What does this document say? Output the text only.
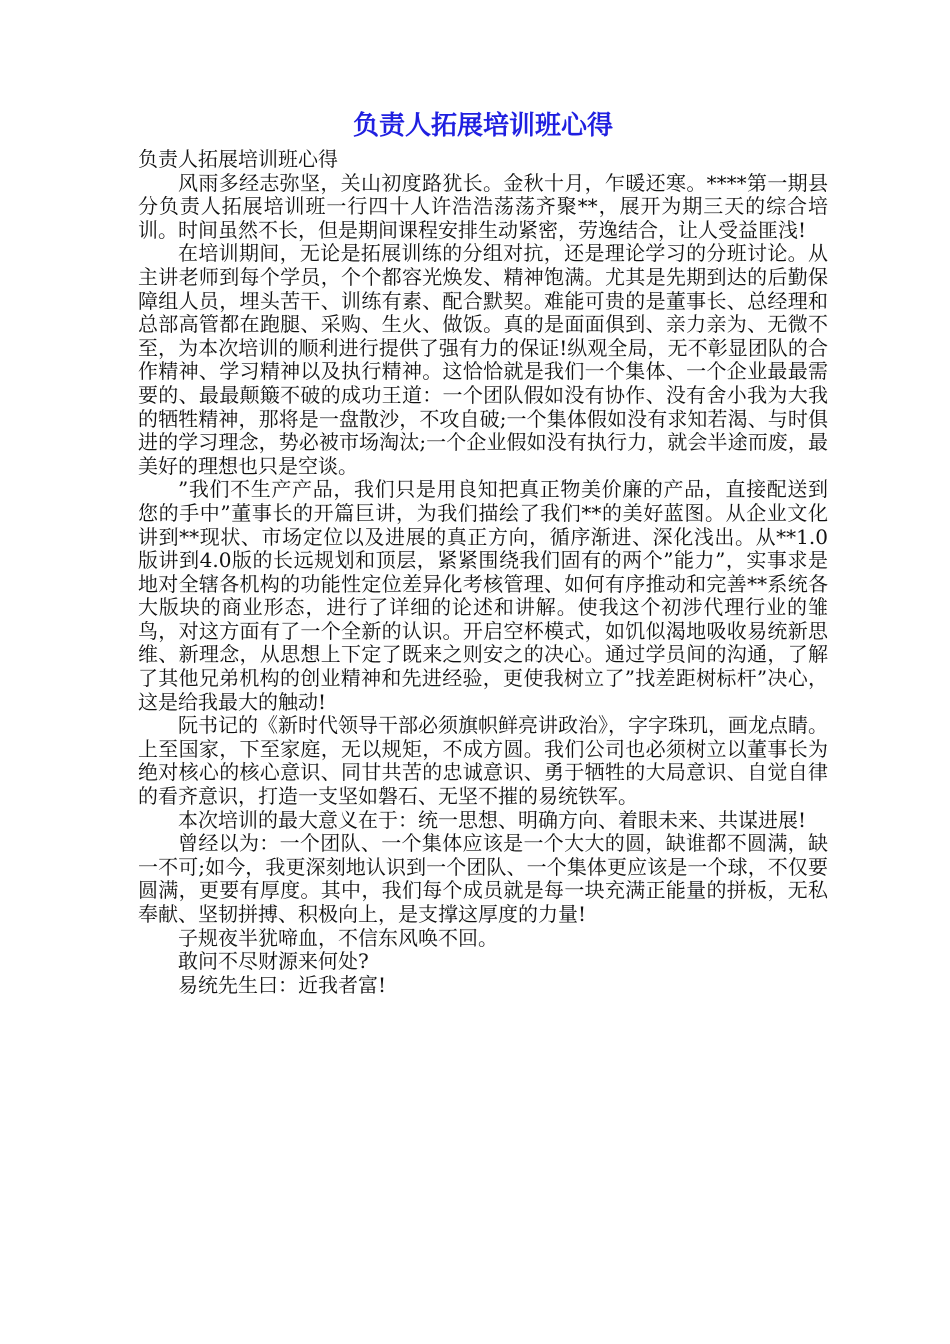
负责人拓展培训班心得

负责人拓展培训班心得

风雨多经志弥坚，关山初度路犹长。金秋十月，乍暖还寒。****第一期县分负责人拓展培训班一行四十人许浩浩荡荡齐聚**，展开为期三天的综合培训。时间虽然不长，但是期间课程安排生动紧密，劳逸结合，让人受益匪浅!

在培训期间，无论是拓展训练的分组对抗，还是理论学习的分班讨论。从主讲老师到每个学员，个个都容光焕发、精神饱满。尤其是先期到达的后勤保障组人员，埋头苦干、训练有素、配合默契。难能可贵的是董事长、总经理和总部高管都在跑腿、采购、生火、做饭。真的是面面俱到、亲力亲为、无微不至，为本次培训的顺利进行提供了强有力的保证!纵观全局，无不彰显团队的合作精神、学习精神以及执行精神。这恰恰就是我们一个集体、一个企业最最需要的、最最颠簸不破的成功王道：一个团队假如没有协作、没有舍小我为大我的牺牲精神，那将是一盘散沙，不攻自破;一个集体假如没有求知若渴、与时俱进的学习理念，势必被市场淘汰;一个企业假如没有执行力，就会半途而废，最美好的理想也只是空谈。

”我们不生产产品，我们只是用良知把真正物美价廉的产品，直接配送到您的手中”董事长的开篇巨讲，为我们描绘了我们**的美好蓝图。从企业文化讲到**现状、市场定位以及进展的真正方向，循序渐进、深化浅出。从**1.0版讲到4.0版的长远规划和顶层，紧紧围绕我们固有的两个”能力”，实事求是地对全辖各机构的功能性定位差异化考核管理、如何有序推动和完善**系统各大版块的商业形态，进行了详细的论述和讲解。使我这个初涉代理行业的雏鸟，对这方面有了一个全新的认识。开启空杯模式，如饥似渴地吸收易统新思维、新理念，从思想上下定了既来之则安之的决心。通过学员间的沟通，了解了其他兄弟机构的创业精神和先进经验，更使我树立了”找差距树标杆”决心，这是给我最大的触动!

阮书记的《新时代领导干部必须旗帜鲜亮讲政治》，字字珠玑，画龙点睛。上至国家，下至家庭，无以规矩，不成方圆。我们公司也必须树立以董事长为绝对核心的核心意识、同甘共苦的忠诚意识、勇于牺牲的大局意识、自觉自律的看齐意识，打造一支坚如磐石、无坚不摧的易统铁军。

本次培训的最大意义在于：统一思想、明确方向、着眼未来、共谋进展!

曾经以为：一个团队、一个集体应该是一个大大的圆，缺谁都不圆满，缺一不可;如今，我更深刻地认识到一个团队、一个集体更应该是一个球，不仅要圆满，更要有厚度。其中，我们每个成员就是每一块充满正能量的拼板，无私奉献、坚韧拼搏、积极向上，是支撑这厚度的力量!

子规夜半犹啼血，不信东风唤不回。

敢问不尽财源来何处?

易统先生曰：近我者富!
